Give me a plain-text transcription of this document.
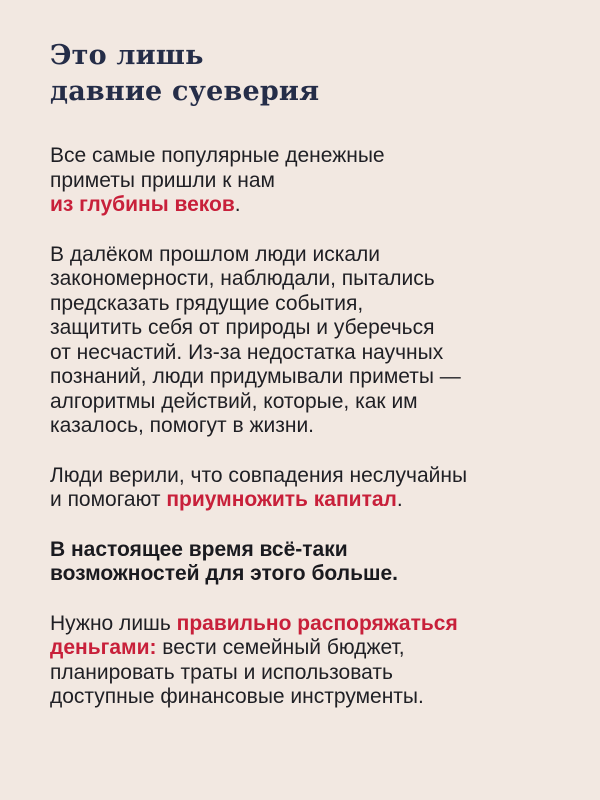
Это лишь
давние суеверия

Все самые популярные денежные
приметы пришли к нам
из глубины веков.

В далёком прошлом люди искали
закономерности, наблюдали, пытались
предсказать грядущие события,
защитить себя от природы и уберечься
от несчастий. Из-за недостатка научных
познаний, люди придумывали приметы —
алгоритмы действий, которые, как им
казалось, помогут в жизни.

Люди верили, что совпадения неслучайны
и помогают приумножить капитал.

В настоящее время всё-таки
возможностей для этого больше.

Нужно лишь правильно распоряжаться
деньгами: вести семейный бюджет,
планировать траты и использовать
доступные финансовые инструменты.
